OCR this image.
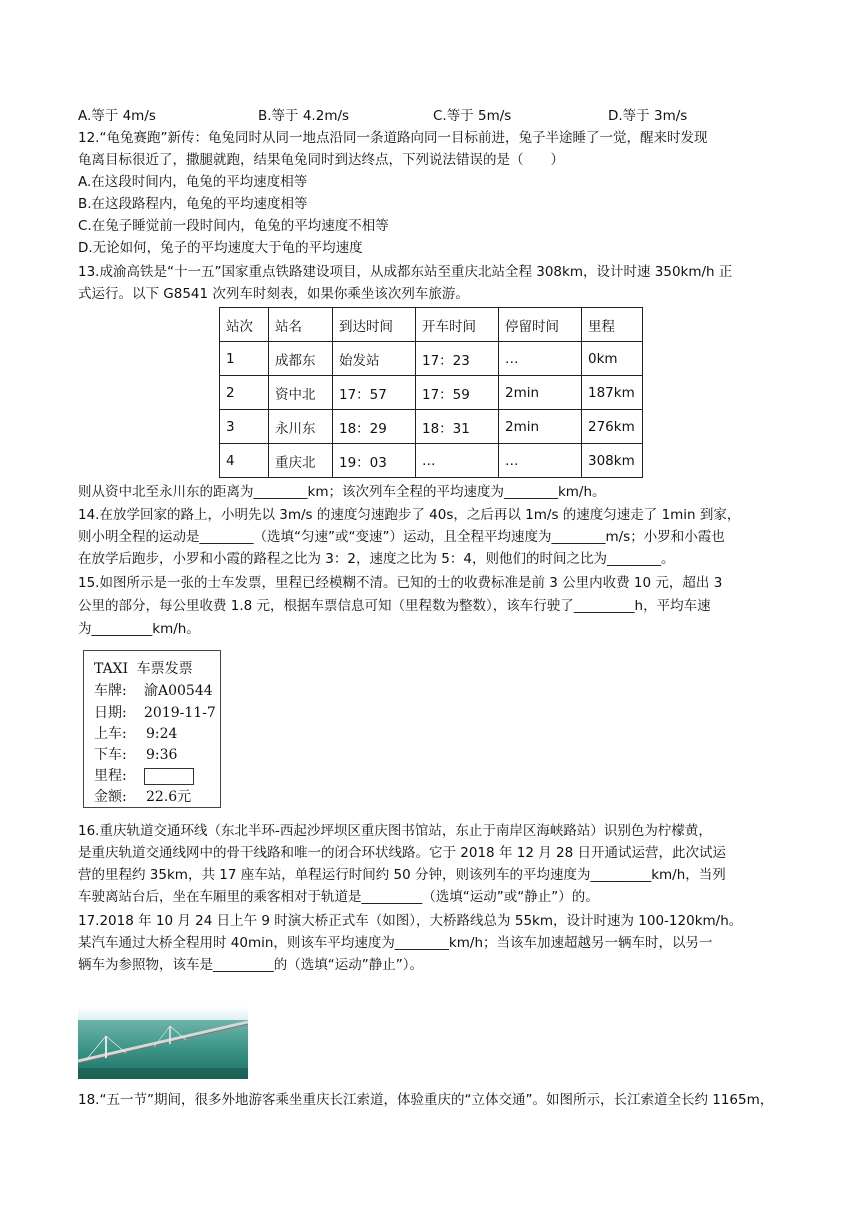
A.等于 4m/s	B.等于 4.2m/s	C.等于 5m/s	D.等于 3m/s
12.“龟兔赛跑”新传：龟兔同时从同一地点沿同一条道路向同一目标前进，兔子半途睡了一觉，醒来时发现
龟离目标很近了，撒腿就跑，结果龟兔同时到达终点，下列说法错误的是（　　）
A.在这段时间内，龟兔的平均速度相等
B.在这段路程内，龟兔的平均速度相等
C.在兔子睡觉前一段时间内，龟兔的平均速度不相等
D.无论如何，兔子的平均速度大于龟的平均速度
13.成渝高铁是“十一五”国家重点铁路建设项目，从成都东站至重庆北站全程 308km，设计时速 350km/h 正
式运行。以下 G8541 次列车时刻表，如果你乘坐该次列车旅游。
站次	站名	到达时间	开车时间	停留时间	里程
1	成都东	始发站	17：23	…	0km
2	资中北	17：57	17：59	2min	187km
3	永川东	18：29	18：31	2min	276km
4	重庆北	19：03	…	…	308km
则从资中北至永川东的距离为________km；该次列车全程的平均速度为________km/h。
14.在放学回家的路上，小明先以 3m/s 的速度匀速跑步了 40s，之后再以 1m/s 的速度匀速走了 1min 到家，
则小明全程的运动是________（选填“匀速”或“变速”）运动，且全程平均速度为________m/s；小罗和小霞也
在放学后跑步，小罗和小霞的路程之比为 3：2，速度之比为 5：4，则他们的时间之比为________。
15.如图所示是一张的士车发票，里程已经模糊不清。已知的士的收费标准是前 3 公里内收费 10 元，超出 3
公里的部分，每公里收费 1.8 元，根据车票信息可知（里程数为整数），该车行驶了_________h，平均车速
为_________km/h。
TAXI 车票发票
车牌: 渝A00544
日期: 2019-11-7
上车: 9:24
下车: 9:36
里程:
金额: 22.6元
16.重庆轨道交通环线（东北半环-西起沙坪坝区重庆图书馆站，东止于南岸区海峡路站）识别色为柠檬黄，
是重庆轨道交通线网中的骨干线路和唯一的闭合环状线路。它于 2018 年 12 月 28 日开通试运营，此次试运
营的里程约 35km，共 17 座车站，单程运行时间约 50 分钟，则该列车的平均速度为_________km/h，当列
车驶离站台后，坐在车厢里的乘客相对于轨道是_________（选填“运动”或“静止”）的。
17.2018 年 10 月 24 日上午 9 时演大桥正式车（如图），大桥路线总为 55km，设计时速为 100-120km/h。
某汽车通过大桥全程用时 40min，则该车平均速度为________km/h；当该车加速超越另一辆车时，以另一
辆车为参照物，该车是_________的（选填“运动”静止”）。
18.“五一节”期间，很多外地游客乘坐重庆长江索道，体验重庆的“立体交通”。如图所示，长江索道全长约 1165m，
